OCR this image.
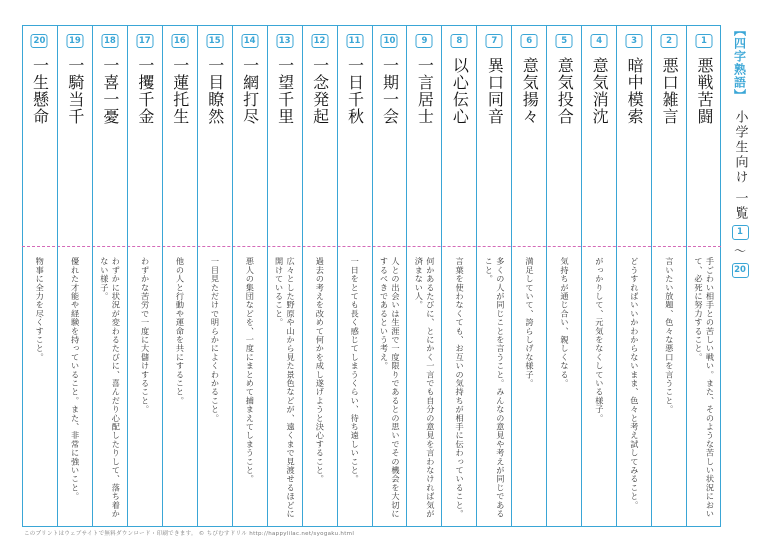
1
悪戦苦闘
手ごわい相手との苦しい戦い。また、そのような苦しい状況において、必死に努力すること。
2
悪口雑言
言いたい放題、色々な悪口を言うこと。
3
暗中模索
どうすればいいかわからないまま、色々と考え試してみること。
4
意気消沈
がっかりして、元気をなくしている様子。
5
意気投合
気持ちが通じ合い、親しくなる。
6
意気揚々
満足していて、誇らしげな様子。
7
異口同音
多くの人が同じことを言うこと。みんなの意見や考えが同じであること。
8
以心伝心
言葉を使わなくても、お互いの気持ちが相手に伝わっていること。
9
一言居士
何かあるたびに、とにかく一言でも自分の意見を言わなければ気が済まない人。
10
一期一会
人との出会いは生涯で一度限りであるとの思いでその機会を大切にするべきであるという考え。
11
一日千秋
一日をとても長く感じてしまうくらい、待ち遠しいこと。
12
一念発起
過去の考えを改めて何かを成し遂げようと決心すること。
13
一望千里
広々とした野原や山から見た景色などが、遠くまで見渡せるほどに開けていること。
14
一網打尽
悪人の集団などを、一度にまとめて捕まえてしまうこと。
15
一目瞭然
一目見ただけで明らかによくわかること。
16
一蓮托生
他の人と行動や運命を共にすること。
17
一攫千金
わずかな苦労で一度に大儲けすること。
18
一喜一憂
わずかに状況が変わるたびに、喜んだり心配したりして、落ち着かない様子。
19
一騎当千
優れた才能や経験を持っていること。また、非常に強いこと。
20
一生懸命
物事に全力を尽くすこと。
【四字熟語】
小学生向け 一覧
1
〜
20
このプリントはウェブサイトで無料ダウンロード・印刷できます。 © ちびむすドリル http://happylilac.net/syogaku.html
